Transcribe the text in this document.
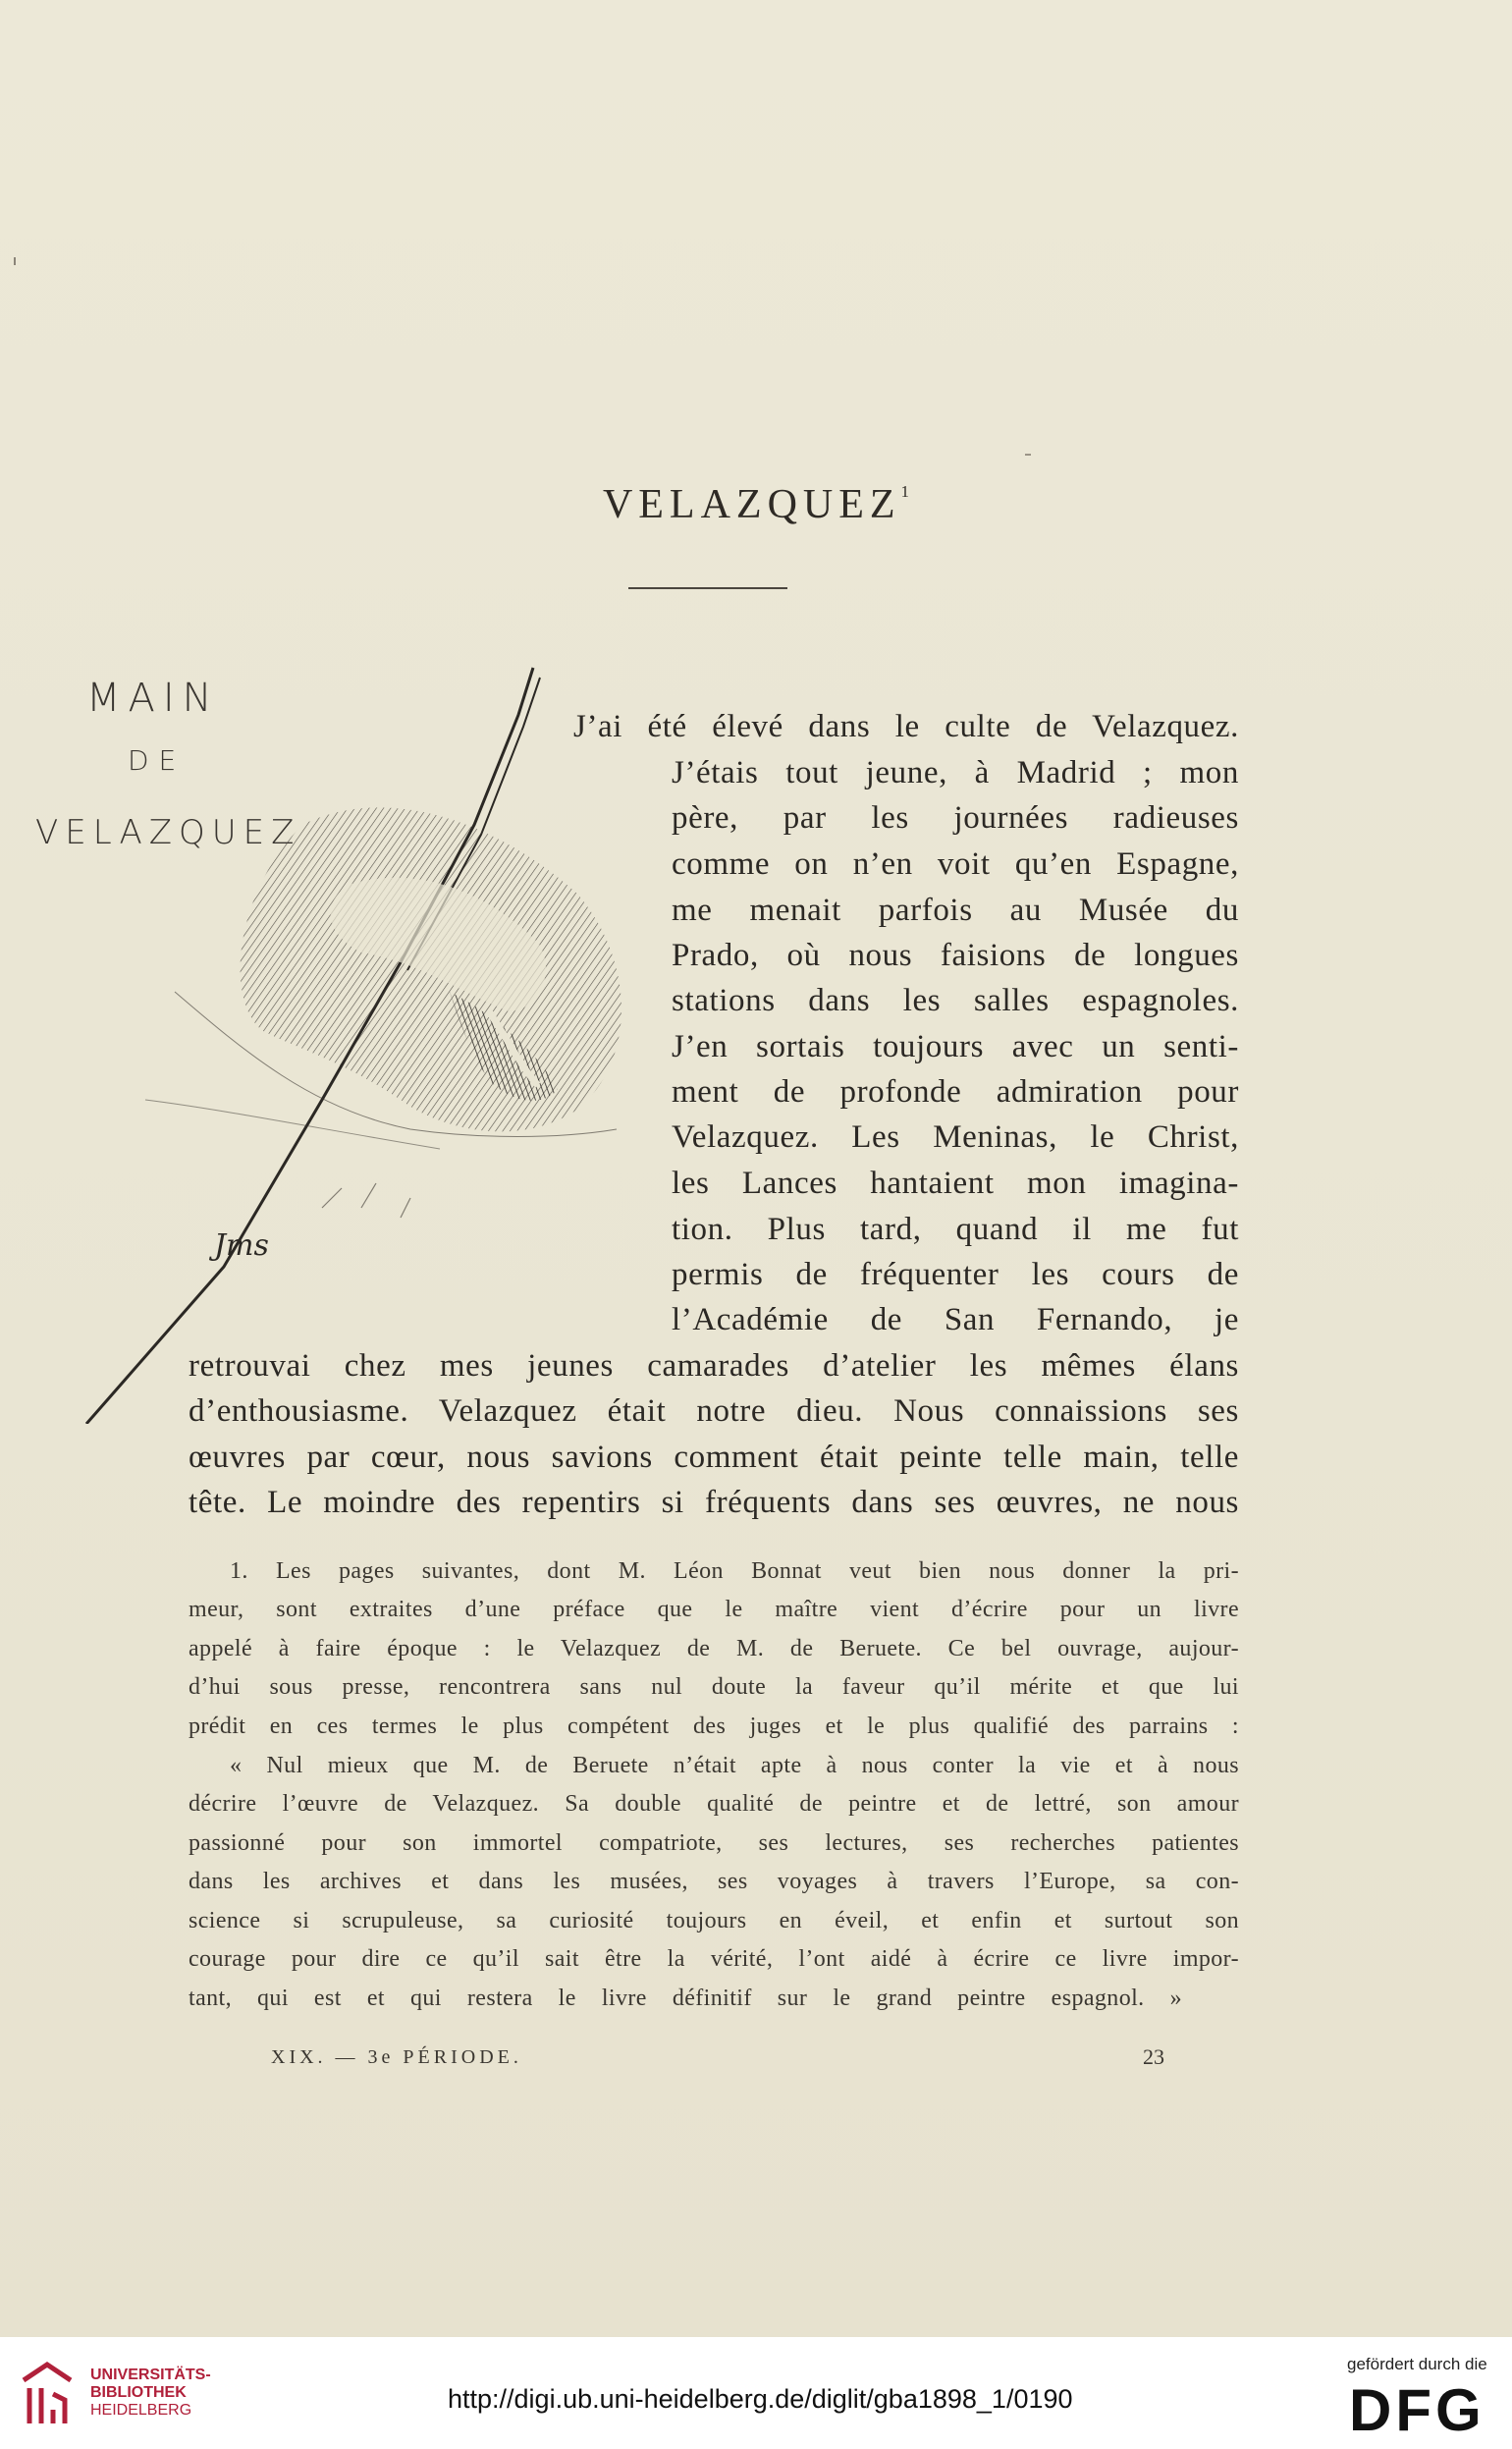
VELAZQUEZ$^1$
Jms
MAIN
DE
VELAZQUEZ
J’ai été élevé dans le culte de Velazquez.
J’étais tout jeune, à Madrid ; mon
père, par les journées radieuses
comme on n’en voit qu’en Espagne,
me menait parfois au Musée du
Prado, où nous faisions de longues
stations dans les salles espagnoles.
J’en sortais toujours avec un senti-
ment de profonde admiration pour
Velazquez. Les Meninas, le Christ,
les Lances hantaient mon imagina-
tion. Plus tard, quand il me fut
permis de fréquenter les cours de
l’Académie de San Fernando, je
retrouvai chez mes jeunes camarades d’atelier les mêmes élans
d’enthousiasme. Velazquez était notre dieu. Nous connaissions ses
œuvres par cœur, nous savions comment était peinte telle main, telle
tête. Le moindre des repentirs si fréquents dans ses œuvres, ne nous
1. Les pages suivantes, dont M. Léon Bonnat veut bien nous donner la pri-
meur, sont extraites d’une préface que le maître vient d’écrire pour un livre
appelé à faire époque : le Velazquez de M. de Beruete. Ce bel ouvrage, aujour-
d’hui sous presse, rencontrera sans nul doute la faveur qu’il mérite et que lui
prédit en ces termes le plus compétent des juges et le plus qualifié des parrains :
« Nul mieux que M. de Beruete n’était apte à nous conter la vie et à nous
décrire l’œuvre de Velazquez. Sa double qualité de peintre et de lettré, son amour
passionné pour son immortel compatriote, ses lectures, ses recherches patientes
dans les archives et dans les musées, ses voyages à travers l’Europe, sa con-
science si scrupuleuse, sa curiosité toujours en éveil, et enfin et surtout son
courage pour dire ce qu’il sait être la vérité, l’ont aidé à écrire ce livre impor-
tant, qui est et qui restera le livre définitif sur le grand peintre espagnol. »
XIX. — 3e PÉRIODE.	23
UNIVERSITÄTS-
BIBLIOTHEK
HEIDELBERG	http://digi.ub.uni-heidelberg.de/diglit/gba1898_1/0190
gefördert durch die
DFG
